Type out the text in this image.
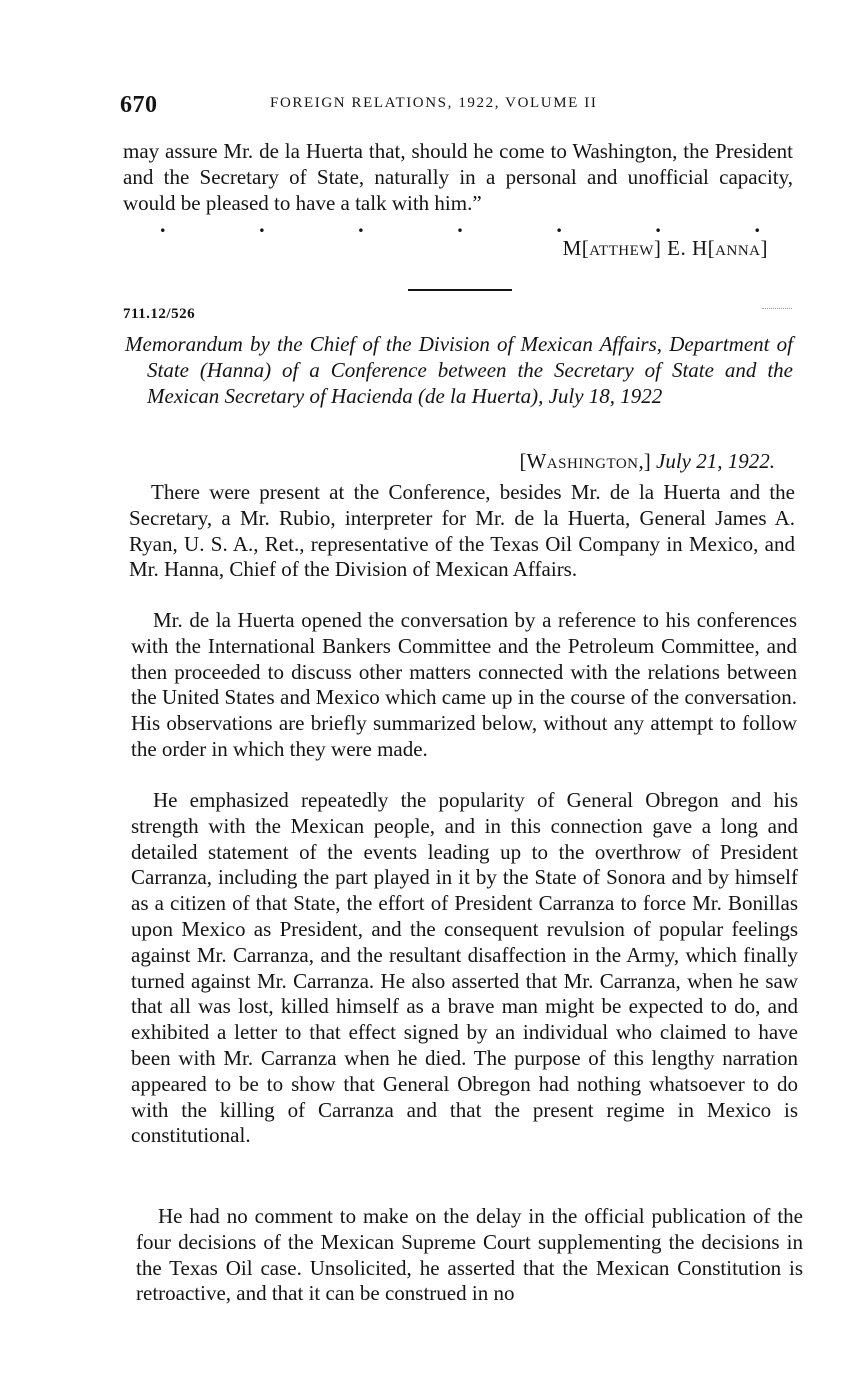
670	FOREIGN RELATIONS, 1922, VOLUME II

may assure Mr. de la Huerta that, should he come to Washington, the President and the Secretary of State, naturally in a personal and unofficial capacity, would be pleased to have a talk with him.”

.	.	.	.	.	.	.
M[atthew] E. H[anna]
711.12/526
Memorandum by the Chief of the Division of Mexican Affairs, Department of State (Hanna) of a Conference between the Secretary of State and the Mexican Secretary of Hacienda (de la Huerta), July 18, 1922
[Washington,] July 21, 1922.

There were present at the Conference, besides Mr. de la Huerta and the Secretary, a Mr. Rubio, interpreter for Mr. de la Huerta, General James A. Ryan, U. S. A., Ret., representative of the Texas Oil Company in Mexico, and Mr. Hanna, Chief of the Division of Mexican Affairs.

Mr. de la Huerta opened the conversation by a reference to his conferences with the International Bankers Committee and the Petroleum Committee, and then proceeded to discuss other matters connected with the relations between the United States and Mexico which came up in the course of the conversation. His observations are briefly summarized below, without any attempt to follow the order in which they were made.

He emphasized repeatedly the popularity of General Obregon and his strength with the Mexican people, and in this connection gave a long and detailed statement of the events leading up to the overthrow of President Carranza, including the part played in it by the State of Sonora and by himself as a citizen of that State, the effort of President Carranza to force Mr. Bonillas upon Mexico as President, and the consequent revulsion of popular feelings against Mr. Carranza, and the resultant disaffection in the Army, which finally turned against Mr. Carranza. He also asserted that Mr. Carranza, when he saw that all was lost, killed himself as a brave man might be expected to do, and exhibited a letter to that effect signed by an individual who claimed to have been with Mr. Carranza when he died. The purpose of this lengthy narration appeared to be to show that General Obregon had nothing whatsoever to do with the killing of Carranza and that the present regime in Mexico is constitutional.

He had no comment to make on the delay in the official publication of the four decisions of the Mexican Supreme Court supplementing the decisions in the Texas Oil case. Unsolicited, he asserted that the Mexican Constitution is retroactive, and that it can be construed in no
